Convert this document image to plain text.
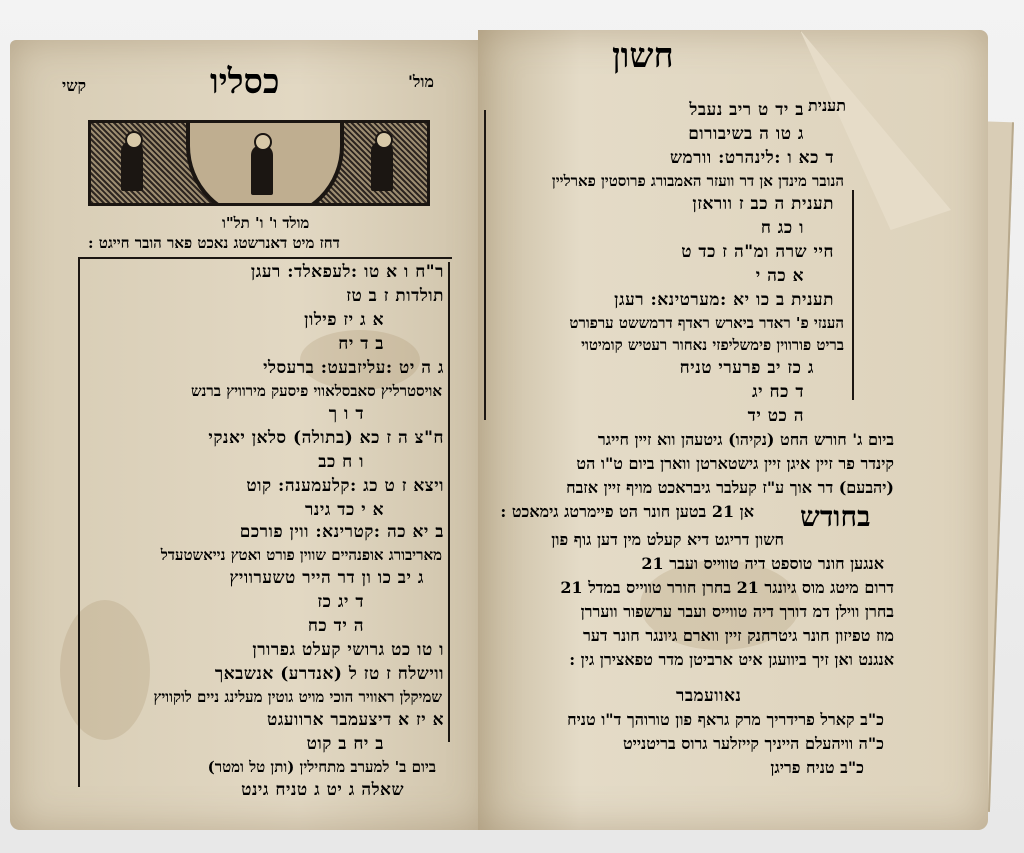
מול'
כסליו
קשי
מולד ו' ו' תל"ו
דחז מיט דאנרשטג נאכט פאר הובר חייגט :
ר"ח ו א טו :לעפאלד: רעגן
תולדות ז ב טז
א ג יז פילון
ב ד יח
ג ה יט :עליזבעט: ברעסלי
אויסטרליץ סאבסלאווי פיסעק מירוויץ ברנש
ד ו ך
ח"צ ה ז כא (בתולה) סלאן יאנקי
ו ח כב
ויצא ז ט כג :קלעמענה: קוט
א י כד גינר
ב יא כה :קטרינא: ווין פורכם
מאריבורג אופנהיים שווין פורט ואטץ נייאשטעדל
ג יב כו ון דר הייר טשערוויץ
ד יג כז
ה יד כח
ו טו כט גרושי קעלט גפרורן
ווישלח ז טז ל (אנדרע) אנשבאך
שמיקלן ראוויר הוכי מויט גוטין מעלינג ניים לוקוויץ
א יז א דיצעמבר ארוועגט
ב יח ב קוט
ביום ב' למערב מתחילין (ותן טל ומטר)
שאלה ג יט ג טניח גינט
חשון
תענית
ב יד ט ריב נעבל
ג טו ה בשיבורום
ד כא ו :לינהרט: וורמש
הנובר מינדן אן דר וועזר האמבורג פרוסטין פארליין
תענית ה כב ז ווראזן
ו כג ח
חיי שרה ומ"ה ז כד ט
א כה י
תענית ב כו יא :מערטינא: רעגן
הענזי פ' ראדר ביארש ראדף דרמששט ערפורט
בריט פורווין פימשליפזי נאחור רעטיש קומיטוי
ג כז יב פרערי טניח
ד כח יג
ה כט יד
ביום ג' חורש החט (נקיהו) גיטעהן ווא זיין חייגר
קינדר פר זיין איגן זיין גישטארטן ווארן ביום ט"ו הט
(יהבעם) דר אוך ע"ז קעלבר גיבראכט מויף זיין אזבח
אן 21 בטען חונר הט פיימרטג גימאכט : בחודש
חשון דריגט דיא קעלט מין דען גוף פון
אנגען חונר טוספט דיה טווייס ועבר 21
דרום מיטג מוס גיונגר 21 בחרן חורר טווייס במדל 21
בחרן ווילן דמ דורך דיה טווייס ועבר ערשפור וועררן
מוז טפיזון חונר גיטרחנק זיין ווארם גיונגר חונר דער
אנגנט ואן זיך ביוועגן איט ארביטן מדר טפאצירן גין :
נאוועמבר
כ"ב קארל פרידריך מרק גראף פון טורוהך ד"ו טניח
כ"ה וויהעלם הייניך קייזלער גרוס בריטנייט
כ"ב טניח פריגן
